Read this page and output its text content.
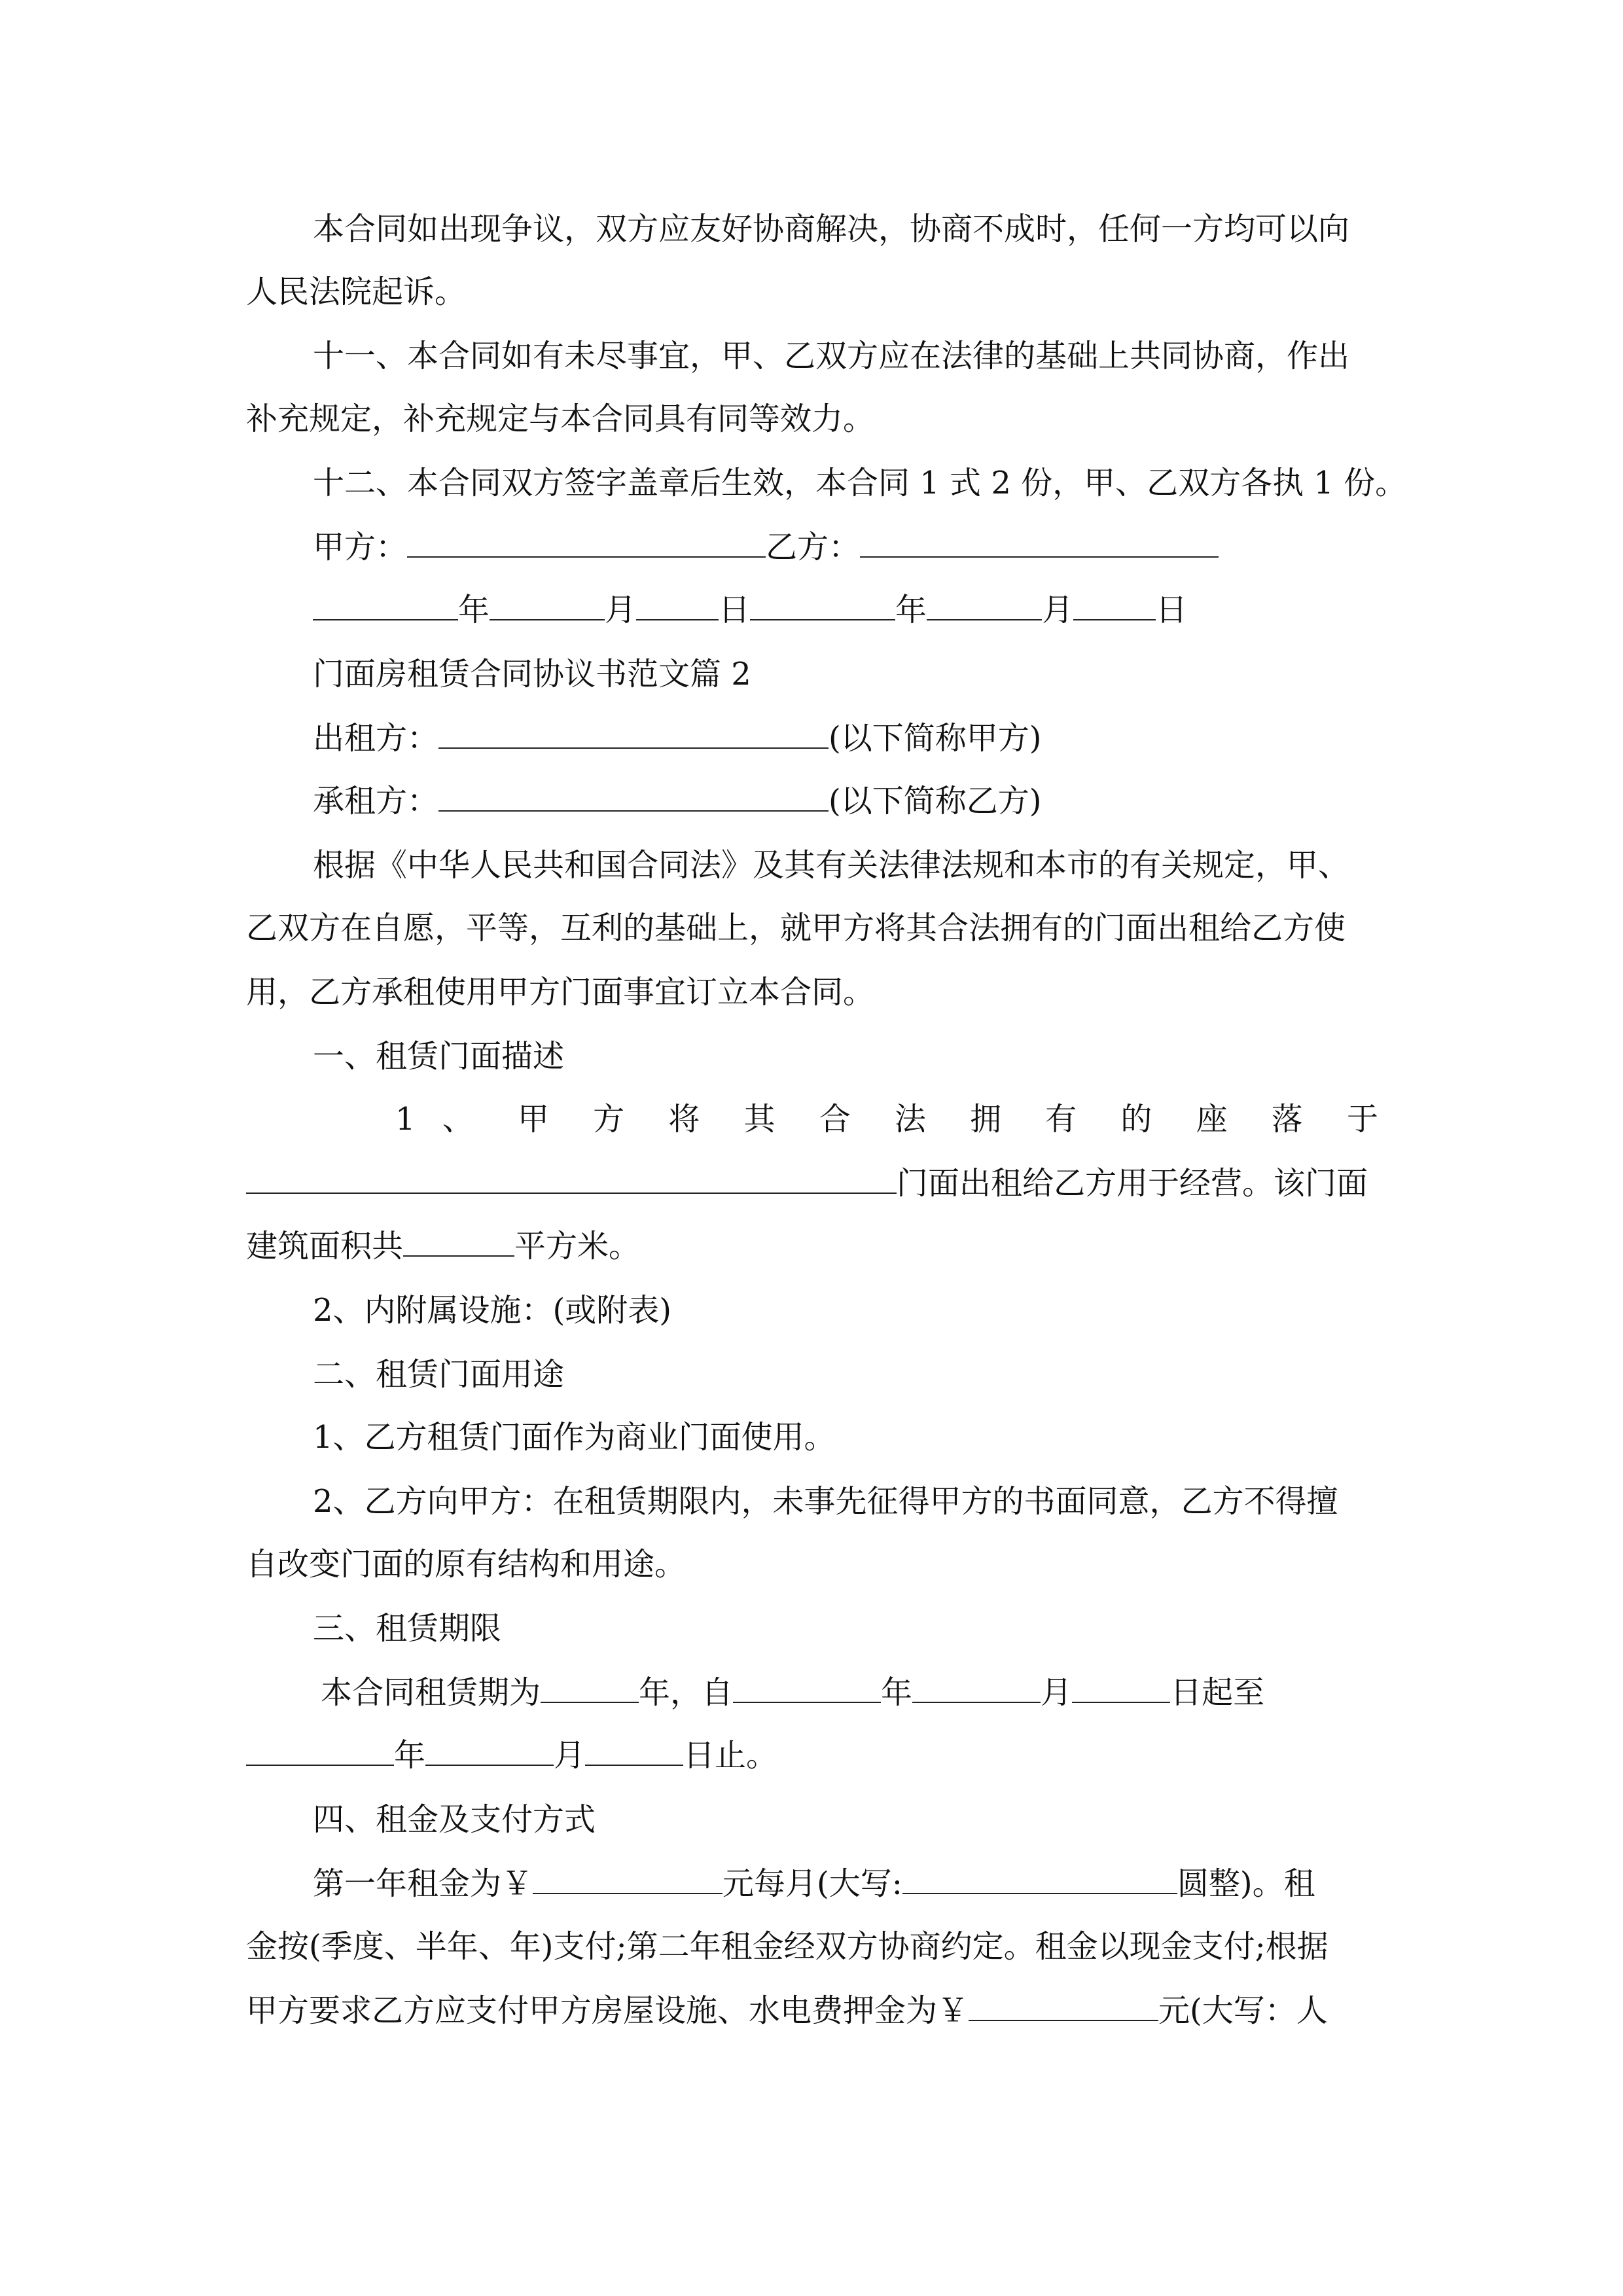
本合同如出现争议，双方应友好协商解决，协商不成时，任何一方均可以向
人民法院起诉。
十一、本合同如有未尽事宜，甲、乙双方应在法律的基础上共同协商，作出
补充规定，补充规定与本合同具有同等效力。
十二、本合同双方签字盖章后生效，本合同 1 式 2 份，甲、乙双方各执 1 份。
甲方：	乙方：
年	月	日	年	月	日
门面房租赁合同协议书范文篇 2
出租方：	(以下简称甲方)
承租方：	(以下简称乙方)
根据《中华人民共和国合同法》及其有关法律法规和本市的有关规定，甲、
乙双方在自愿，平等，互利的基础上，就甲方将其合法拥有的门面出租给乙方使
用，乙方承租使用甲方门面事宜订立本合同。
一、租赁门面描述
1 、 甲 方 将 其 合 法 拥 有 的 座 落 于
门面出租给乙方用于经营。该门面
建筑面积共	平方米。
2、内附属设施：(或附表)
二、租赁门面用途
1、乙方租赁门面作为商业门面使用。
2、乙方向甲方：在租赁期限内，未事先征得甲方的书面同意，乙方不得擅
自改变门面的原有结构和用途。
三、租赁期限
本合同租赁期为	年，自	年	月	日起至
年	月	日止。
四、租金及支付方式
第一年租金为￥	元每月(大写:	圆整)。租
金按(季度、半年、年)支付;第二年租金经双方协商约定。租金以现金支付;根据
甲方要求乙方应支付甲方房屋设施、水电费押金为￥	元(大写：人
